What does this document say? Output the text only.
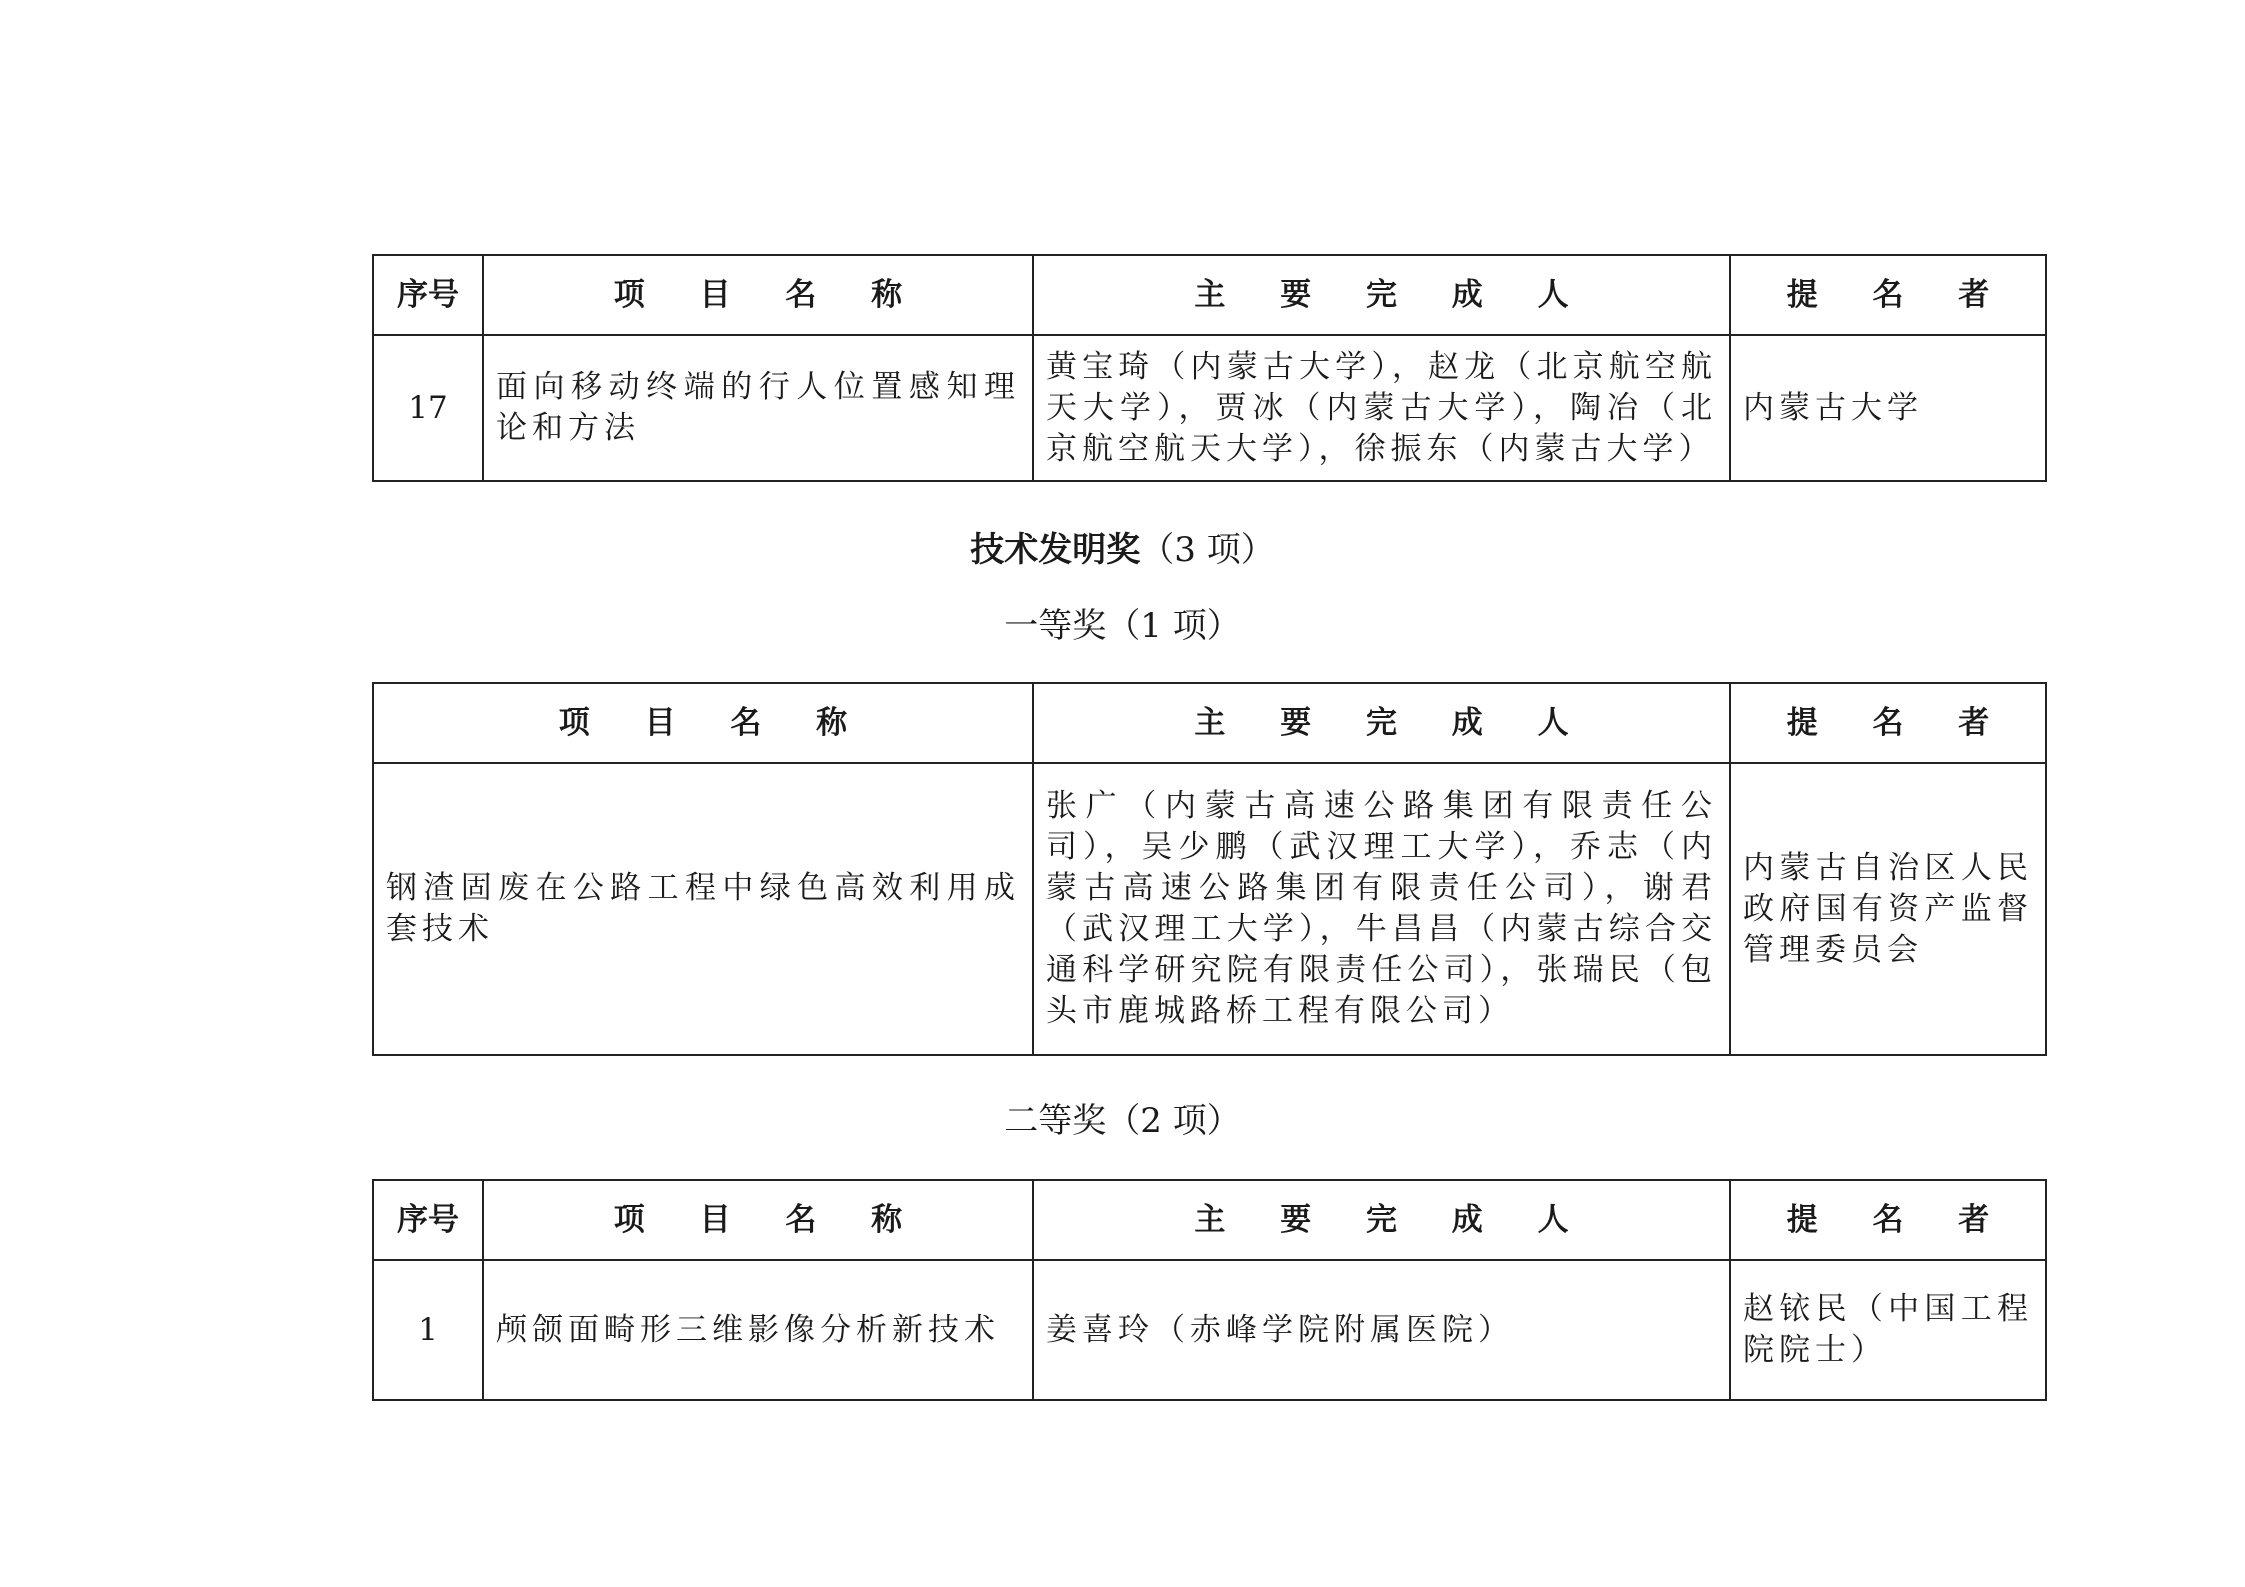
序号	项 目 名 称	主 要 完 成 人	提 名 者
17	面向移动终端的行人位置感知理论和方法	黄宝琦（内蒙古大学），赵龙（北京航空航天大学），贾冰（内蒙古大学），陶冶（北京航空航天大学），徐振东（内蒙古大学）	内蒙古大学
技术发明奖（3 项）
一等奖（1 项）
项 目 名 称	主 要 完 成 人	提 名 者
钢渣固废在公路工程中绿色高效利用成套技术	张广（内蒙古高速公路集团有限责任公司），吴少鹏（武汉理工大学），乔志（内蒙古高速公路集团有限责任公司），谢君（武汉理工大学），牛昌昌（内蒙古综合交通科学研究院有限责任公司），张瑞民（包头市鹿城路桥工程有限公司）	内蒙古自治区人民政府国有资产监督管理委员会
二等奖（2 项）
序号	项 目 名 称	主 要 完 成 人	提 名 者
1	颅颌面畸形三维影像分析新技术	姜喜玲（赤峰学院附属医院）	赵铱民（中国工程院院士）
